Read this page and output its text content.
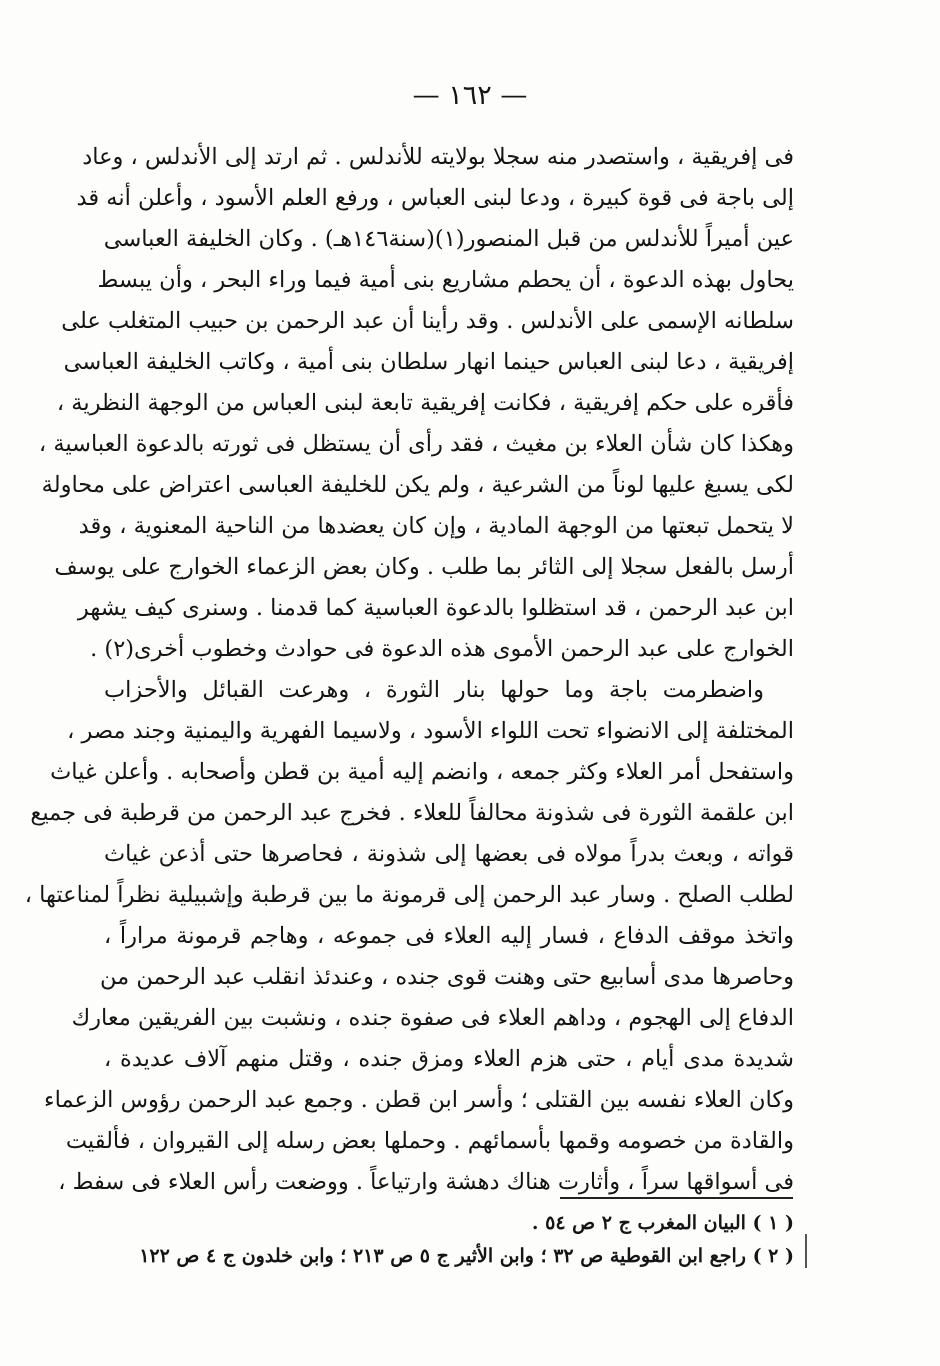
— ١٦٢ —
فى إفريقية ، واستصدر منه سجلا بولايته للأندلس . ثم ارتد إلى الأندلس ، وعاد
إلى باجة فى قوة كبيرة ، ودعا لبنى العباس ، ورفع العلم الأسود ، وأعلن أنه قد
عين أميراً للأندلس من قبل المنصور(١)(سنة١٤٦هـ) . وكان الخليفة العباسى
يحاول بهذه الدعوة ، أن يحطم مشاريع بنى أمية فيما وراء البحر ، وأن يبسط
سلطانه الإسمى على الأندلس . وقد رأينا أن عبد الرحمن بن حبيب المتغلب على
إفريقية ، دعا لبنى العباس حينما انهار سلطان بنى أمية ، وكاتب الخليفة العباسى
فأقره على حكم إفريقية ، فكانت إفريقية تابعة لبنى العباس من الوجهة النظرية ،
وهكذا كان شأن العلاء بن مغيث ، فقد رأى أن يستظل فى ثورته بالدعوة العباسية ،
لكى يسبغ عليها لوناً من الشرعية ، ولم يكن للخليفة العباسى اعتراض على محاولة
لا يتحمل تبعتها من الوجهة المادية ، وإن كان يعضدها من الناحية المعنوية ، وقد
أرسل بالفعل سجلا إلى الثائر بما طلب . وكان بعض الزعماء الخوارج على يوسف
ابن عبد الرحمن ، قد استظلوا بالدعوة العباسية كما قدمنا . وسنرى كيف يشهر
الخوارج على عبد الرحمن الأموى هذه الدعوة فى حوادث وخطوب أخرى(٢) .
واضطرمت باجة وما حولها بنار الثورة ، وهرعت القبائل والأحزاب
المختلفة إلى الانضواء تحت اللواء الأسود ، ولاسيما الفهرية واليمنية وجند مصر ،
واستفحل أمر العلاء وكثر جمعه ، وانضم إليه أمية بن قطن وأصحابه . وأعلن غياث
ابن علقمة الثورة فى شذونة محالفاً للعلاء . فخرج عبد الرحمن من قرطبة فى جميع
قواته ، وبعث بدراً مولاه فى بعضها إلى شذونة ، فحاصرها حتى أذعن غياث
لطلب الصلح . وسار عبد الرحمن إلى قرمونة ما بين قرطبة وإشبيلية نظراً لمناعتها ،
واتخذ موقف الدفاع ، فسار إليه العلاء فى جموعه ، وهاجم قرمونة مراراً ،
وحاصرها مدى أسابيع حتى وهنت قوى جنده ، وعندئذ انقلب عبد الرحمن من
الدفاع إلى الهجوم ، وداهم العلاء فى صفوة جنده ، ونشبت بين الفريقين معارك
شديدة مدى أيام ، حتى هزم العلاء ومزق جنده ، وقتل منهم آلاف عديدة ،
وكان العلاء نفسه بين القتلى ؛ وأسر ابن قطن . وجمع عبد الرحمن رؤوس الزعماء
والقادة من خصومه وقمها بأسمائهم . وحملها بعض رسله إلى القيروان ، فألقيت
فى أسواقها سراً ، وأثارت هناك دهشة وارتياعاً . ووضعت رأس العلاء فى سفط ،
( ١ ) البيان المغرب ج ٢ ص ٥٤ .
( ٢ ) راجع ابن القوطية ص ٣٢ ؛ وابن الأثير ج ٥ ص ٢١٣ ؛ وابن خلدون ج ٤ ص ١٢٢
